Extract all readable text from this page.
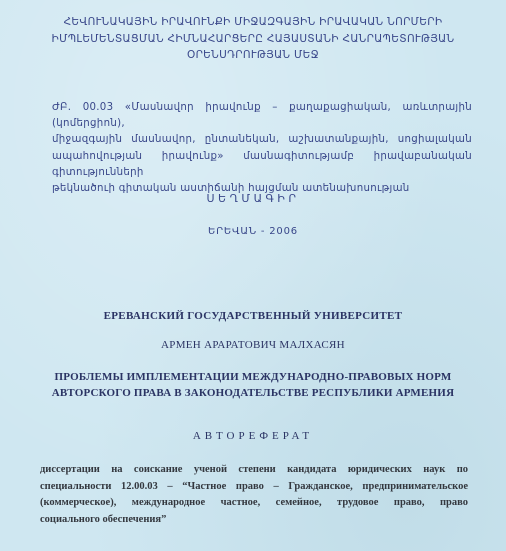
ՀԵՎՈՒՆԱԿԱՅԻՆ ԻՐԱՎՈՒՆՔԻ ՄԻՋԱԶԳԱՅԻՆ ԻՐԱՎԱԿԱՆ ՆՈՐՄԵՐԻ
ԻՄՊԼԵՄԵՆՏԱՑՄԱՆ ՀԻՄՆԱՀԱՐՑԵՐԸ ՀԱՅԱՍՏԱՆԻ ՀԱՆՐԱՊԵՏՈՒԹՅԱՆ
ՕՐԵՆՍԴՐՈՒԹՅԱՆ ՄԵՋ
ԺԲ. 00.03 «Մասնավոր իրավունք – քաղաքացիական, առևտրային (կոմերցիոն),
միջազգային մասնավոր, ընտանեկան, աշխատանքային, սոցիալական
ապահովության իրավունք» մասնագիտությամբ իրավաբանական գիտությունների
թեկնածուի գիտական աստիճանի հայցման ատենախոսության
ՍԵՂՄԱԳԻՐ
ԵՐԵՎԱՆ - 2006
ЕРЕВАНСКИЙ ГОСУДАРСТВЕННЫЙ УНИВЕРСИТЕТ
АРМЕН АРАРАТОВИЧ МАЛХАСЯН
ПРОБЛЕМЫ ИМПЛЕМЕНТАЦИИ МЕЖДУНАРОДНО-ПРАВОВЫХ НОРМ
АВТОРСКОГО ПРАВА В ЗАКОНОДАТЕЛЬСТВЕ РЕСПУБЛИКИ АРМЕНИЯ
АВТОРЕФЕРАТ
диссертации на соискание ученой степени кандидата юридических наук по
специальности 12.00.03 – “Частное право – Гражданское, предпринимательское
(коммерческое), международное частное, семейное, трудовое право, право
социального обеспечения”
